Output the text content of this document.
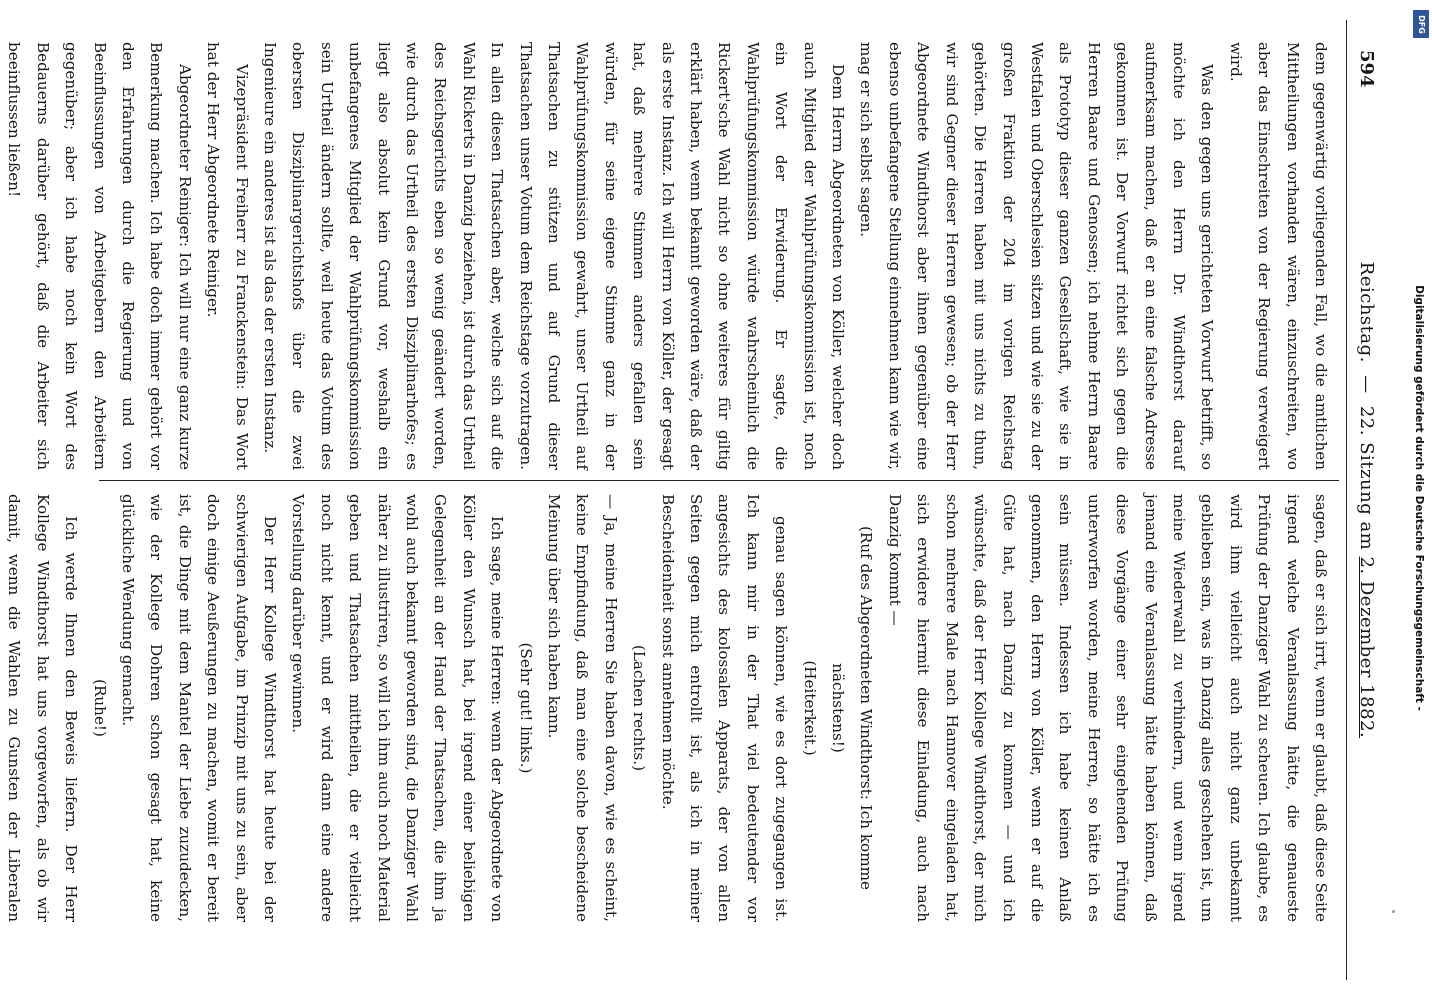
594
Reichstag. — 22. Sitzung am 2. Dezember 1882.

dem gegenwärtig vorliegenden Fall, wo die amtlichen Mittheilungen vorhanden wären, einzuschreiten, wo aber das Einschreiten von der Regierung verweigert wird.

Was den gegen uns gerichteten Vorwurf betrifft, so möchte ich den Herrn Dr. Windthorst darauf aufmerksam machen, daß er an eine falsche Adresse gekommen ist. Der Vorwurf richtet sich gegen die Herren Baare und Genossen; ich nehme Herrn Baare als Prototyp dieser ganzen Gesellschaft, wie sie in Westfalen und Oberschlesien sitzen und wie sie zu der großen Fraktion der 204 im vorigen Reichstag gehörten. Die Herren haben mit uns nichts zu thun, wir sind Gegner dieser Herren gewesen; ob der Herr Abgeordnete Windthorst aber ihnen gegenüber eine ebenso unbefangene Stellung einnehmen kann wie wir, mag er sich selbst sagen.

Dem Herrn Abgeordneten von Köller, welcher doch auch Mitglied der Wahlprüfungskommission ist, noch ein Wort der Erwiderung. Er sagte, die Wahlprüfungskommission würde wahrscheinlich die Rickert'sche Wahl nicht so ohne weiteres für giltig erklärt haben, wenn bekannt geworden wäre, daß der als erste Instanz. Ich will Herrn von Köller, der gesagt hat, daß mehrere Stimmen anders gefallen sein würden, für seine eigene Stimme ganz in der Wahlprüfungskommission gewahrt, unser Urtheil auf Thatsachen zu stützen und auf Grund dieser Thatsachen unser Votum dem Reichstage vorzutragen. In allen diesen Thatsachen aber, welche sich auf die Wahl Rickerts in Danzig beziehen, ist durch das Urtheil des Reichsgerichts eben so wenig geändert worden, wie durch das Urtheil des ersten Disziplinarhofes; es liegt also absolut kein Grund vor, weshalb ein unbefangenes Mitglied der Wahlprüfungskommission sein Urtheil ändern sollte, weil heute das Votum des obersten Disziplinargerichtshofs über die zwei Ingenieure ein anderes ist als das der ersten Instanz.

Vizepräsident Freiherr zu Franckenstein: Das Wort hat der Herr Abgeordnete Reiniger.

Abgeordneter Reiniger: Ich will nur eine ganz kurze Bemerkung machen. Ich habe doch immer gehört vor den Erfahrungen durch die Regierung und von Beeinflussungen von Arbeitgebern den Arbeitern gegenüber; aber ich habe noch kein Wort des Bedauerns darüber gehört, daß die Arbeiter sich beeinflussen ließen!

sagen, daß er sich irrt, wenn er glaubt, daß diese Seite irgend welche Veranlassung hätte, die genaueste Prüfung der Danziger Wahl zu scheuen. Ich glaube, es wird ihm vielleicht auch nicht ganz unbekannt geblieben sein, was in Danzig alles geschehen ist, um meine Wiederwahl zu verhindern, und wenn irgend jemand eine Veranlassung hätte haben können, daß diese Vorgänge einer sehr eingehenden Prüfung unterworfen worden, meine Herren, so hätte ich es sein müssen. Indessen ich habe keinen Anlaß genommen, den Herrn von Köller, wenn er auf die Güte hat, nach Danzig zu kommen — und ich wünschte, daß der Herr Kollege Windthorst, der mich schon mehrere Male nach Hannover eingeladen hat, sich erwidere hiermit diese Einladung, auch nach Danzig kommt —

(Ruf des Abgeordneten Windthorst: Ich komme nächstens!)

(Heiterkeit.)

genau sagen können, wie es dort zugegangen ist. Ich kann mir in der That viel bedeutender vor angesichts des kolossalen Apparats, der von allen Seiten gegen mich entrollt ist, als ich in meiner Bescheidenheit sonst annehmen möchte.

(Lachen rechts.)

— Ja, meine Herren Sie haben davon, wie es scheint, keine Empfindung, daß man eine solche bescheidene Meinung über sich haben kann.

(Sehr gut! links.)

Ich sage, meine Herren: wenn der Abgeordnete von Köller den Wunsch hat, bei irgend einer beliebigen Gelegenheit an der Hand der Thatsachen, die ihm ja wohl auch bekannt geworden sind, die Danziger Wahl näher zu illustriren, so will ich ihm auch noch Material geben und Thatsachen mittheilen, die er vielleicht noch nicht kennt, und er wird dann eine andere Vorstellung darüber gewinnen.

Der Herr Kollege Windthorst hat heute bei der schwierigen Aufgabe, im Prinzip mit uns zu sein, aber doch einige Aeußerungen zu machen, womit er bereit ist, die Dinge mit dem Mantel der Liebe zuzudecken, wie der Kollege Dohren schon gesagt hat, keine glückliche Wendung gemacht.

(Ruhe!)

Ich werde Ihnen den Beweis liefern. Der Herr Kollege Windthorst hat uns vorgeworfen, als ob wir damit, wenn die Wahlen zu Gunsten der Liberalen

Digitalisierung gefördert durch die Deutsche Forschungsgemeinschaft -
DFG
